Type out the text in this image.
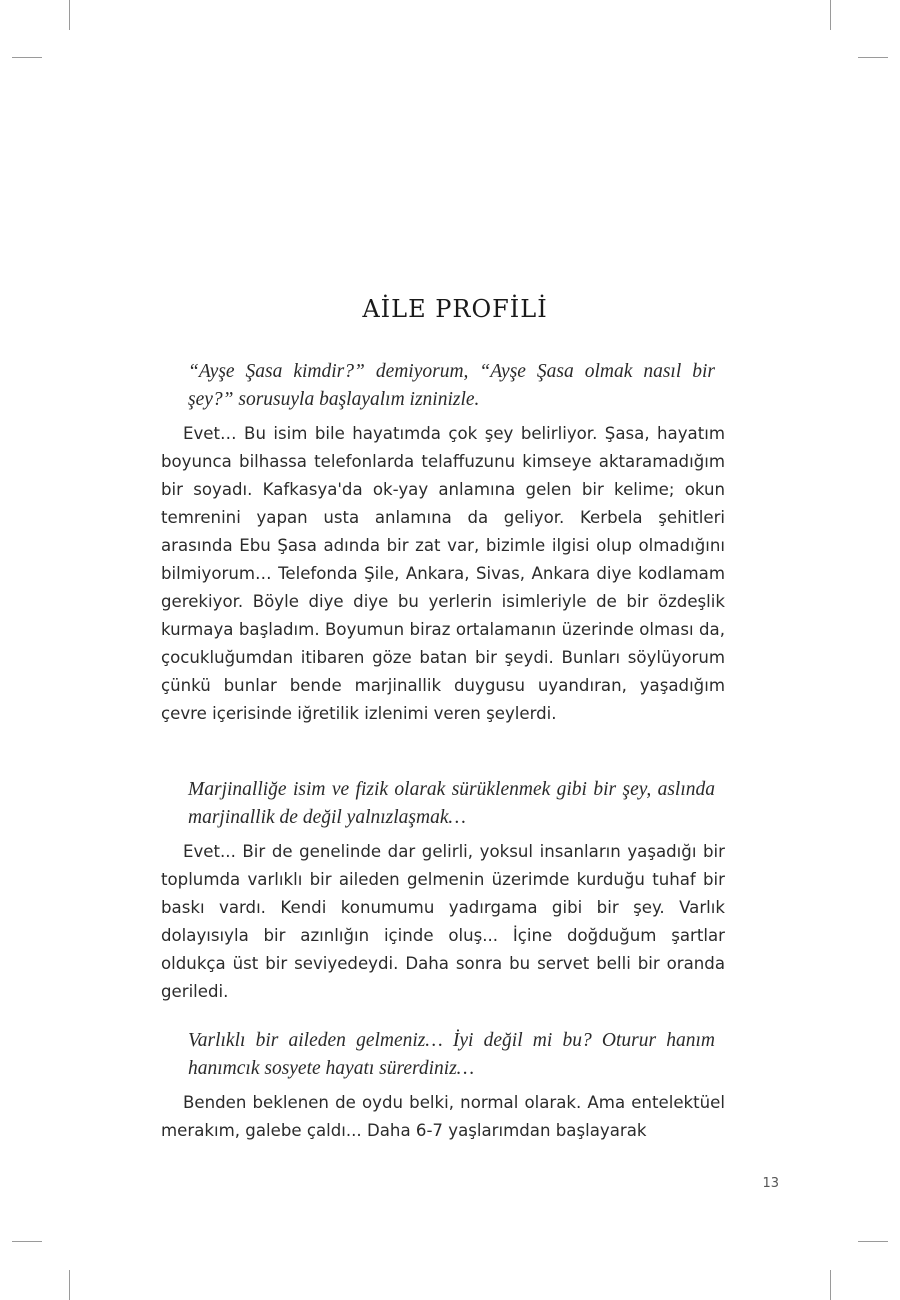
AİLE PROFİLİ
“Ayşe Şasa kimdir?” demiyorum, “Ayşe Şasa olmak nasıl bir şey?” sorusuyla başlayalım izninizle.
Evet… Bu isim bile hayatımda çok şey belirliyor. Şasa, hayatım boyunca bilhassa telefonlarda telaffuzunu kimseye aktaramadığım bir soyadı. Kafkasya'da ok-yay anlamına gelen bir kelime; okun temrenini yapan usta anlamına da geliyor. Kerbela şehitleri arasında Ebu Şasa adında bir zat var, bizimle ilgisi olup olmadığını bilmiyorum… Telefonda Şile, Ankara, Sivas, Ankara diye kodlamam gerekiyor. Böyle diye diye bu yerlerin isimleriyle de bir özdeşlik kurmaya başladım. Boyumun biraz ortalamanın üzerinde olması da, çocukluğumdan itibaren göze batan bir şeydi. Bunları söylüyorum çünkü bunlar bende marjinallik duygusu uyandıran, yaşadığım çevre içerisinde iğretilik izlenimi veren şeylerdi.
Marjinalliğe isim ve fizik olarak sürüklenmek gibi bir şey, aslında marjinallik de değil yalnızlaşmak…
Evet... Bir de genelinde dar gelirli, yoksul insanların yaşadığı bir toplumda varlıklı bir aileden gelmenin üzerimde kurduğu tuhaf bir baskı vardı. Kendi konumumu yadırgama gibi bir şey. Varlık dolayısıyla bir azınlığın içinde oluş... İçine doğduğum şartlar oldukça üst bir seviyedeydi. Daha sonra bu servet belli bir oranda geriledi.
Varlıklı bir aileden gelmeniz… İyi değil mi bu? Oturur hanım hanımcık sosyete hayatı sürerdiniz…
Benden beklenen de oydu belki, normal olarak. Ama entelektüel merakım, galebe çaldı... Daha 6-7 yaşlarımdan başlayarak
13
